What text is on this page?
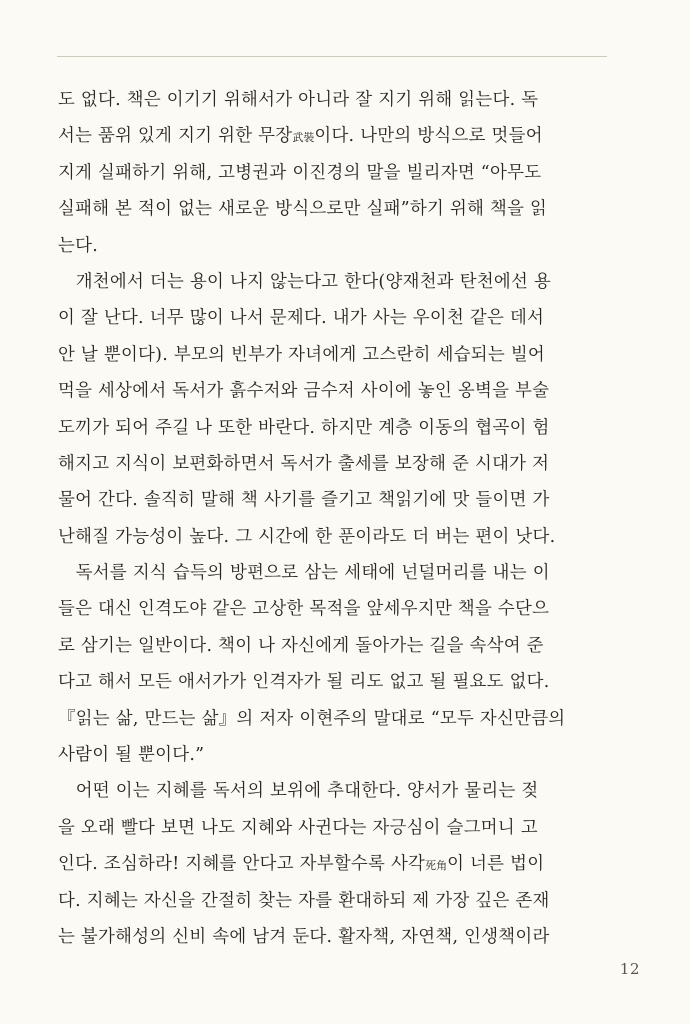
도 없다. 책은 이기기 위해서가 아니라 잘 지기 위해 읽는다. 독
서는 품위 있게 지기 위한 무장武裝이다. 나만의 방식으로 멋들어
지게 실패하기 위해, 고병권과 이진경의 말을 빌리자면 “아무도
실패해 본 적이 없는 새로운 방식으로만 실패”하기 위해 책을 읽
는다.
　개천에서 더는 용이 나지 않는다고 한다(양재천과 탄천에선 용
이 잘 난다. 너무 많이 나서 문제다. 내가 사는 우이천 같은 데서
안 날 뿐이다). 부모의 빈부가 자녀에게 고스란히 세습되는 빌어
먹을 세상에서 독서가 흙수저와 금수저 사이에 놓인 옹벽을 부술
도끼가 되어 주길 나 또한 바란다. 하지만 계층 이동의 협곡이 험
해지고 지식이 보편화하면서 독서가 출세를 보장해 준 시대가 저
물어 간다. 솔직히 말해 책 사기를 즐기고 책읽기에 맛 들이면 가
난해질 가능성이 높다. 그 시간에 한 푼이라도 더 버는 편이 낫다.
　독서를 지식 습득의 방편으로 삼는 세태에 넌덜머리를 내는 이
들은 대신 인격도야 같은 고상한 목적을 앞세우지만 책을 수단으
로 삼기는 일반이다. 책이 나 자신에게 돌아가는 길을 속삭여 준
다고 해서 모든 애서가가 인격자가 될 리도 없고 될 필요도 없다.
『읽는 삶, 만드는 삶』의 저자 이현주의 말대로 “모두 자신만큼의
사람이 될 뿐이다.”
　어떤 이는 지혜를 독서의 보위에 추대한다. 양서가 물리는 젖
을 오래 빨다 보면 나도 지혜와 사귄다는 자긍심이 슬그머니 고
인다. 조심하라! 지혜를 안다고 자부할수록 사각死角이 너른 법이
다. 지혜는 자신을 간절히 찾는 자를 환대하되 제 가장 깊은 존재
는 불가해성의 신비 속에 남겨 둔다. 활자책, 자연책, 인생책이라
12
